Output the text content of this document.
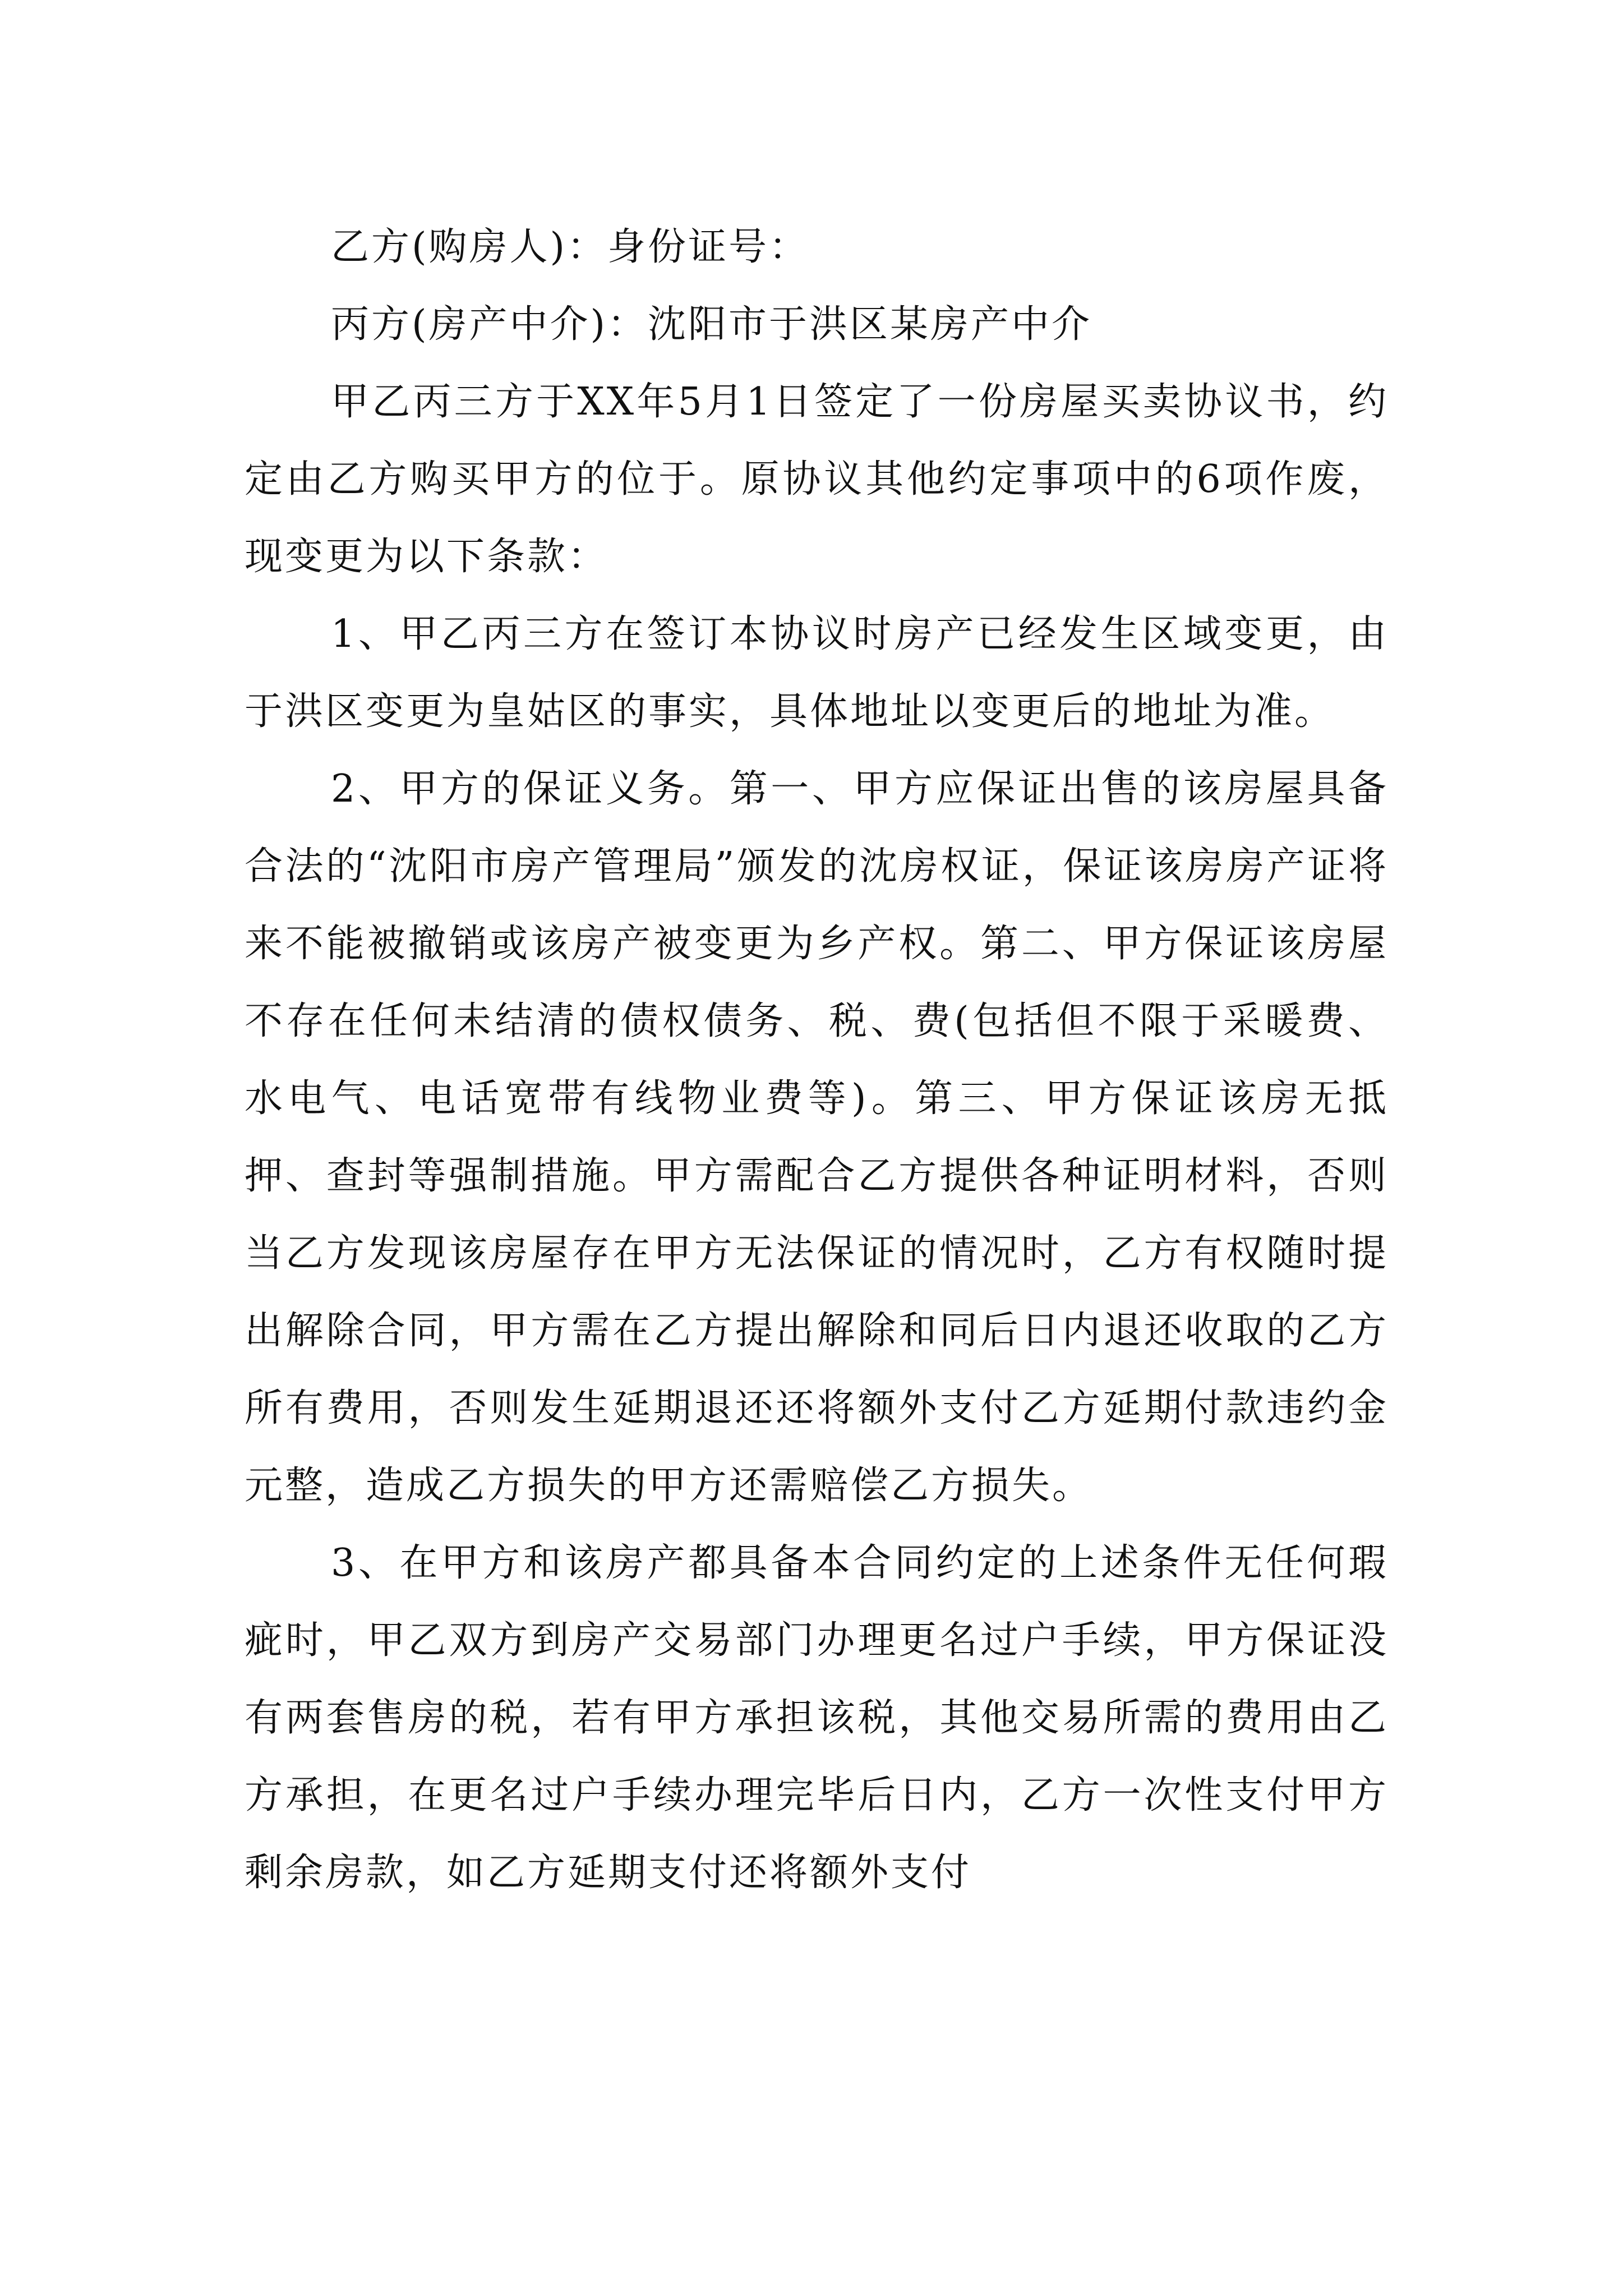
乙方(购房人)：身份证号：

丙方(房产中介)：沈阳市于洪区某房产中介

甲乙丙三方于XX年5月1日签定了一份房屋买卖协议书，约定由乙方购买甲方的位于。原协议其他约定事项中的6项作废，现变更为以下条款：

1、甲乙丙三方在签订本协议时房产已经发生区域变更，由于洪区变更为皇姑区的事实，具体地址以变更后的地址为准。

2、甲方的保证义务。第一、甲方应保证出售的该房屋具备合法的“沈阳市房产管理局”颁发的沈房权证，保证该房房产证将来不能被撤销或该房产被变更为乡产权。第二、甲方保证该房屋不存在任何未结清的债权债务、税、费(包括但不限于采暖费、水电气、电话宽带有线物业费等)。第三、甲方保证该房无抵押、查封等强制措施。甲方需配合乙方提供各种证明材料，否则当乙方发现该房屋存在甲方无法保证的情况时，乙方有权随时提出解除合同，甲方需在乙方提出解除和同后日内退还收取的乙方所有费用，否则发生延期退还还将额外支付乙方延期付款违约金元整，造成乙方损失的甲方还需赔偿乙方损失。

3、在甲方和该房产都具备本合同约定的上述条件无任何瑕疵时，甲乙双方到房产交易部门办理更名过户手续，甲方保证没有两套售房的税，若有甲方承担该税，其他交易所需的费用由乙方承担，在更名过户手续办理完毕后日内，乙方一次性支付甲方剩余房款，如乙方延期支付还将额外支付
